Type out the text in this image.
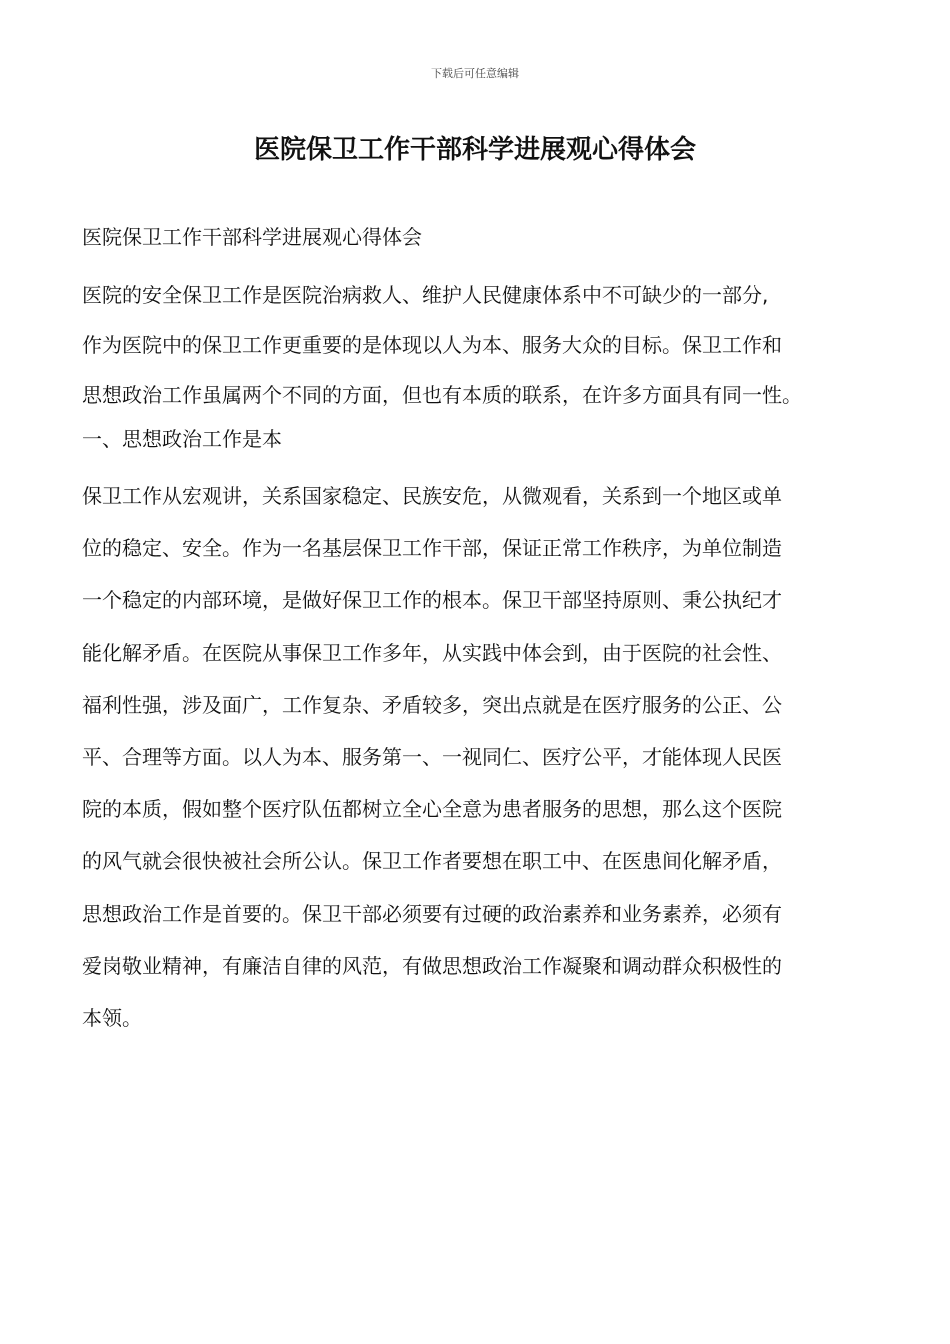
下载后可任意编辑
医院保卫工作干部科学进展观心得体会

医院保卫工作干部科学进展观心得体会

医院的安全保卫工作是医院治病救人、维护人民健康体系中不可缺少的一部分,

作为医院中的保卫工作更重要的是体现以人为本、服务大众的目标。保卫工作和

思想政治工作虽属两个不同的方面，但也有本质的联系，在许多方面具有同一性。

一、思想政治工作是本

保卫工作从宏观讲，关系国家稳定、民族安危，从微观看，关系到一个地区或单

位的稳定、安全。作为一名基层保卫工作干部，保证正常工作秩序，为单位制造

一个稳定的内部环境，是做好保卫工作的根本。保卫干部坚持原则、秉公执纪才

能化解矛盾。在医院从事保卫工作多年，从实践中体会到，由于医院的社会性、

福利性强，涉及面广，工作复杂、矛盾较多，突出点就是在医疗服务的公正、公

平、合理等方面。以人为本、服务第一、一视同仁、医疗公平，才能体现人民医

院的本质，假如整个医疗队伍都树立全心全意为患者服务的思想，那么这个医院

的风气就会很快被社会所公认。保卫工作者要想在职工中、在医患间化解矛盾，

思想政治工作是首要的。保卫干部必须要有过硬的政治素养和业务素养，必须有

爱岗敬业精神，有廉洁自律的风范，有做思想政治工作凝聚和调动群众积极性的

本领。
